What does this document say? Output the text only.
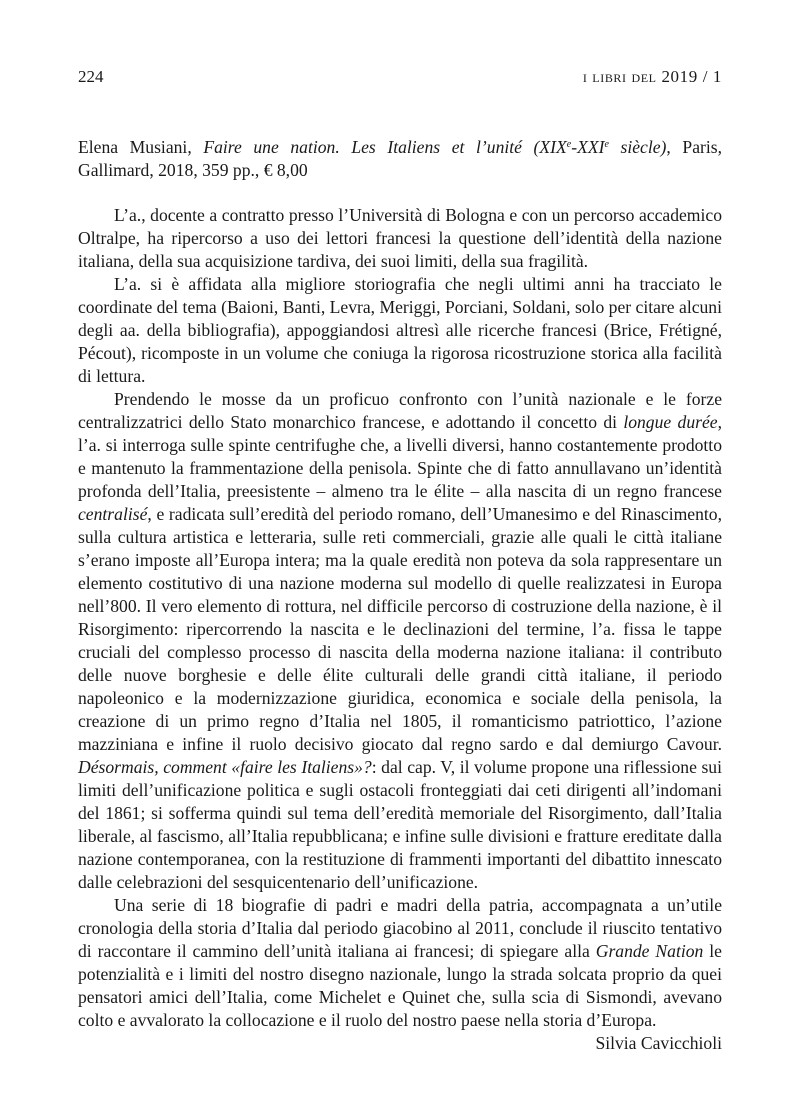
224	i libri del 2019 / 1
Elena Musiani, Faire une nation. Les Italiens et l’unité (XIXe-XXIe siècle), Paris, Gallimard, 2018, 359 pp., € 8,00

L’a., docente a contratto presso l’Università di Bologna e con un percorso accademico Oltralpe, ha ripercorso a uso dei lettori francesi la questione dell’identità della nazione italiana, della sua acquisizione tardiva, dei suoi limiti, della sua fragilità.

L’a. si è affidata alla migliore storiografia che negli ultimi anni ha tracciato le coordinate del tema (Baioni, Banti, Levra, Meriggi, Porciani, Soldani, solo per citare alcuni degli aa. della bibliografia), appoggiandosi altresì alle ricerche francesi (Brice, Frétigné, Pécout), ricomposte in un volume che coniuga la rigorosa ricostruzione storica alla facilità di lettura.

Prendendo le mosse da un proficuo confronto con l’unità nazionale e le forze centralizzatrici dello Stato monarchico francese, e adottando il concetto di longue durée, l’a. si interroga sulle spinte centrifughe che, a livelli diversi, hanno costantemente prodotto e mantenuto la frammentazione della penisola. Spinte che di fatto annullavano un’identità profonda dell’Italia, preesistente – almeno tra le élite – alla nascita di un regno francese centralisé, e radicata sull’eredità del periodo romano, dell’Umanesimo e del Rinascimento, sulla cultura artistica e letteraria, sulle reti commerciali, grazie alle quali le città italiane s’erano imposte all’Europa intera; ma la quale eredità non poteva da sola rappresentare un elemento costitutivo di una nazione moderna sul modello di quelle realizzatesi in Europa nell’800. Il vero elemento di rottura, nel difficile percorso di costruzione della nazione, è il Risorgimento: ripercorrendo la nascita e le declinazioni del termine, l’a. fissa le tappe cruciali del complesso processo di nascita della moderna nazione italiana: il contributo delle nuove borghesie e delle élite culturali delle grandi città italiane, il periodo napoleonico e la modernizzazione giuridica, economica e sociale della penisola, la creazione di un primo regno d’Italia nel 1805, il romanticismo patriottico, l’azione mazziniana e infine il ruolo decisivo giocato dal regno sardo e dal demiurgo Cavour. Désormais, comment «faire les Italiens»?: dal cap. V, il volume propone una riflessione sui limiti dell’unificazione politica e sugli ostacoli fronteggiati dai ceti dirigenti all’indomani del 1861; si sofferma quindi sul tema dell’eredità memoriale del Risorgimento, dall’Italia liberale, al fascismo, all’Italia repubblicana; e infine sulle divisioni e fratture ereditate dalla nazione contemporanea, con la restituzione di frammenti importanti del dibattito innescato dalle celebrazioni del sesquicentenario dell’unificazione.

Una serie di 18 biografie di padri e madri della patria, accompagnata a un’utile cronologia della storia d’Italia dal periodo giacobino al 2011, conclude il riuscito tentativo di raccontare il cammino dell’unità italiana ai francesi; di spiegare alla Grande Nation le potenzialità e i limiti del nostro disegno nazionale, lungo la strada solcata proprio da quei pensatori amici dell’Italia, come Michelet e Quinet che, sulla scia di Sismondi, avevano colto e avvalorato la collocazione e il ruolo del nostro paese nella storia d’Europa.

Silvia Cavicchioli
